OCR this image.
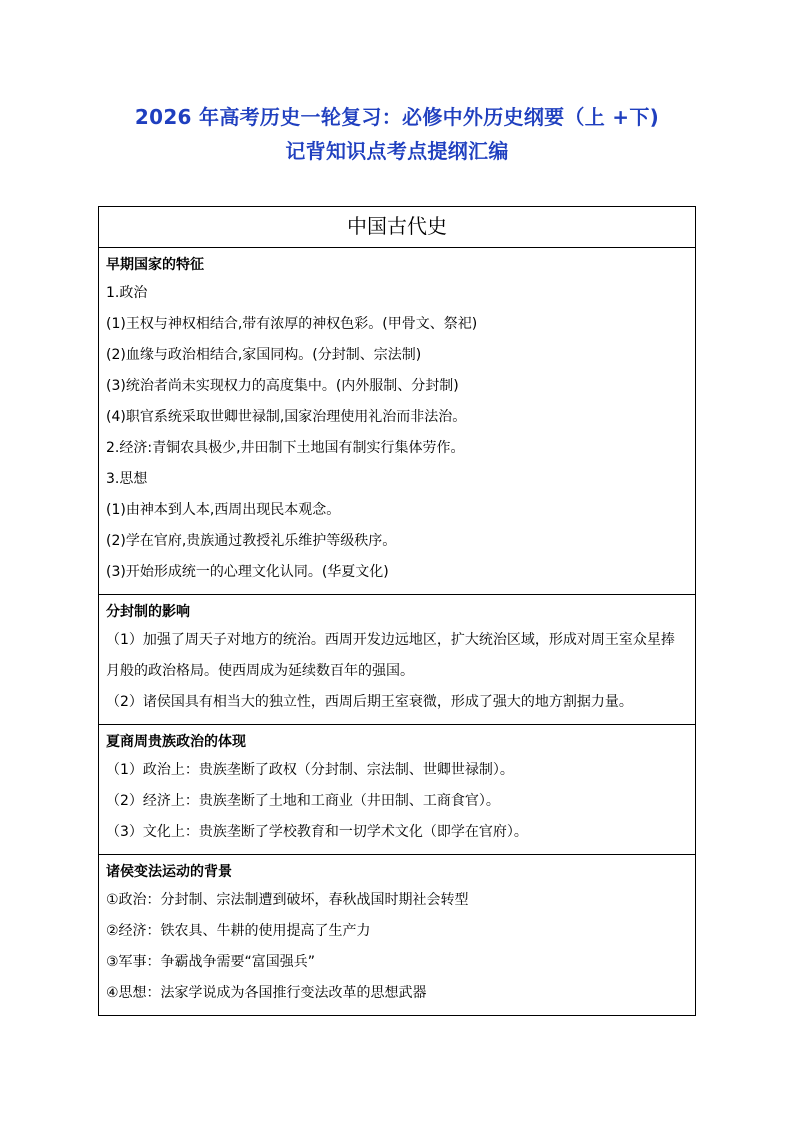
2026 年高考历史一轮复习：必修中外历史纲要（上 +下)
记背知识点考点提纲汇编
中国古代史

早期国家的特征
1.政治
(1)王权与神权相结合,带有浓厚的神权色彩。(甲骨文、祭祀)
(2)血缘与政治相结合,家国同构。(分封制、宗法制)
(3)统治者尚未实现权力的高度集中。(内外服制、分封制)
(4)职官系统采取世卿世禄制,国家治理使用礼治而非法治。
2.经济:青铜农具极少,井田制下土地国有制实行集体劳作。
3.思想
(1)由神本到人本,西周出现民本观念。
(2)学在官府,贵族通过教授礼乐维护等级秩序。
(3)开始形成统一的心理文化认同。(华夏文化)

分封制的影响
（1）加强了周天子对地方的统治。西周开发边远地区，扩大统治区域，形成对周王室众星捧月般的政治格局。使西周成为延续数百年的强国。
（2）诸侯国具有相当大的独立性，西周后期王室衰微，形成了强大的地方割据力量。

夏商周贵族政治的体现
（1）政治上：贵族垄断了政权（分封制、宗法制、世卿世禄制）。
（2）经济上：贵族垄断了土地和工商业（井田制、工商食官）。
（3）文化上：贵族垄断了学校教育和一切学术文化（即学在官府）。

诸侯变法运动的背景
①政治：分封制、宗法制遭到破坏，春秋战国时期社会转型
②经济：铁农具、牛耕的使用提高了生产力
③军事：争霸战争需要“富国强兵”
④思想：法家学说成为各国推行变法改革的思想武器
